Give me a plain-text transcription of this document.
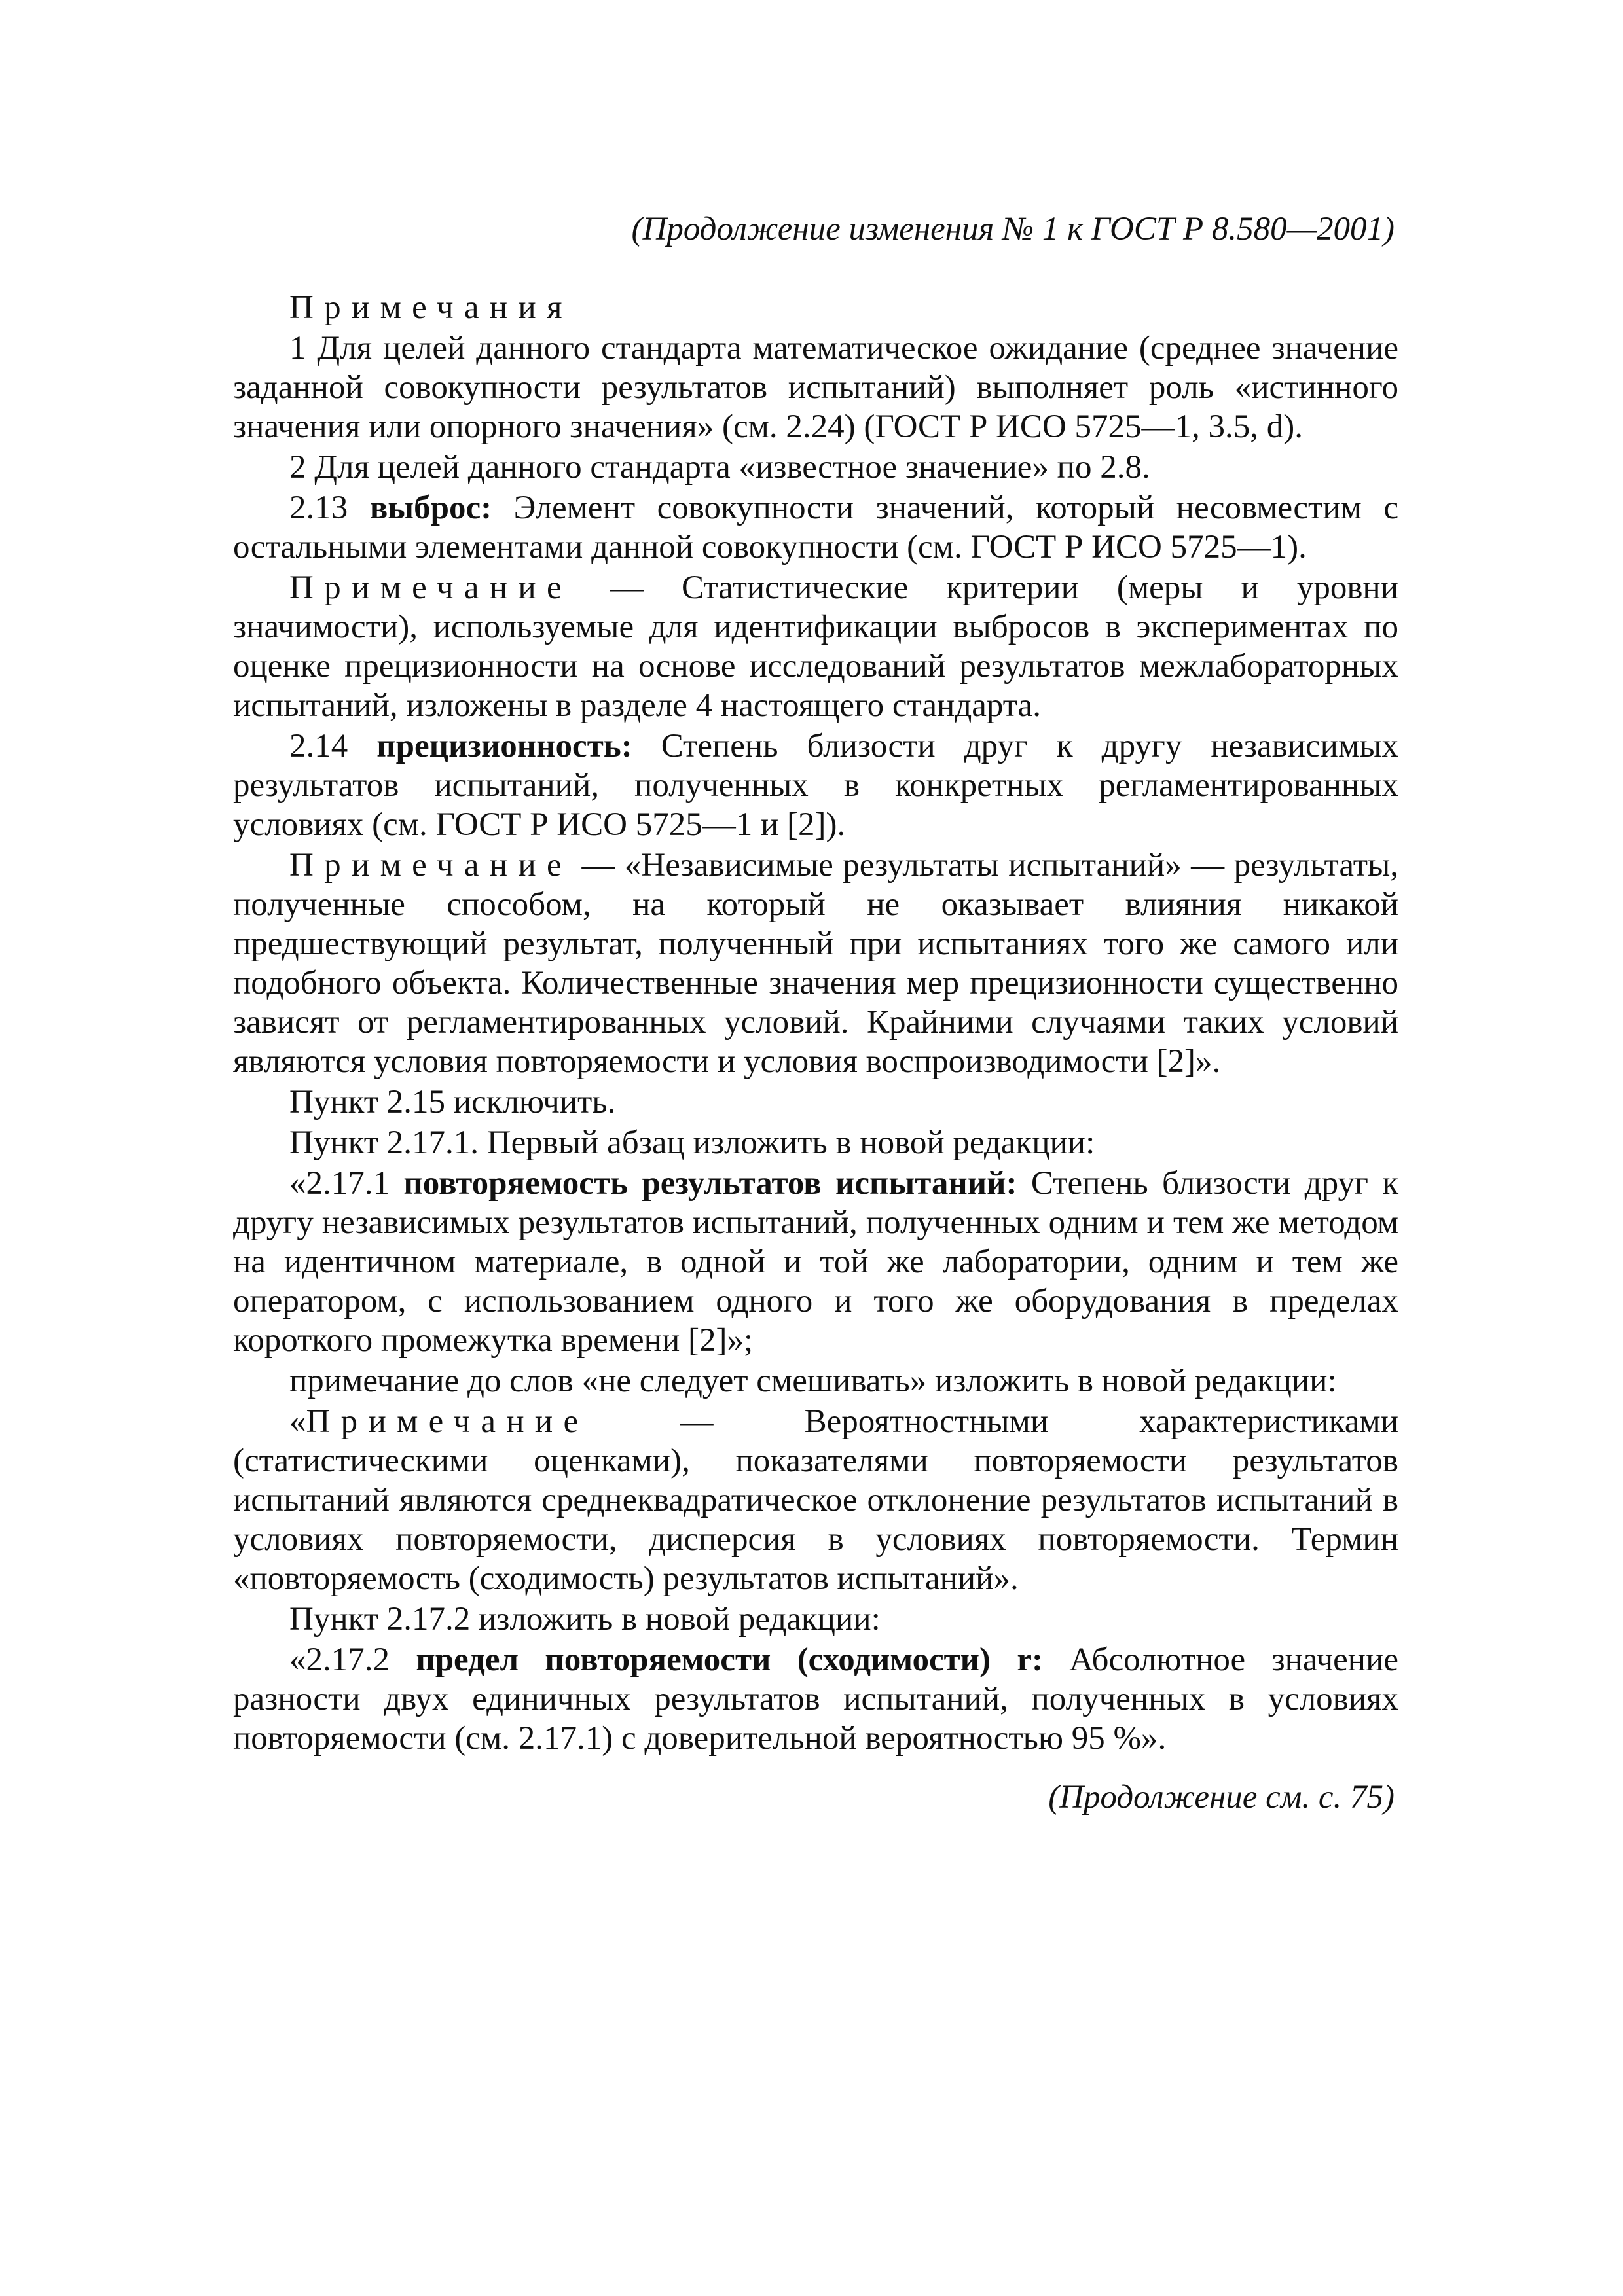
(Продолжение изменения № 1 к ГОСТ Р 8.580—2001)
Примечания
1 Для целей данного стандарта математическое ожидание (среднее значение заданной совокупности результатов испытаний) выполняет роль «истинного значения или опорного значения» (см. 2.24) (ГОСТ Р ИСО 5725—1, 3.5, d).
2 Для целей данного стандарта «известное значение» по 2.8.
2.13 выброс: Элемент совокупности значений, который несовместим с остальными элементами данной совокупности (см. ГОСТ Р ИСО 5725—1).
Примечание — Статистические критерии (меры и уровни значимости), используемые для идентификации выбросов в экспериментах по оценке прецизионности на основе исследований результатов межлабораторных испытаний, изложены в разделе 4 настоящего стандарта.
2.14 прецизионность: Степень близости друг к другу независимых результатов испытаний, полученных в конкретных регламентированных условиях (см. ГОСТ Р ИСО 5725—1 и [2]).
Примечание — «Независимые результаты испытаний» — результаты, полученные способом, на который не оказывает влияния никакой предшествующий результат, полученный при испытаниях того же самого или подобного объекта. Количественные значения мер прецизионности существенно зависят от регламентированных условий. Крайними случаями таких условий являются условия повторяемости и условия воспроизводимости [2]».
Пункт 2.15 исключить.
Пункт 2.17.1. Первый абзац изложить в новой редакции:
«2.17.1 повторяемость результатов испытаний: Степень близости друг к другу независимых результатов испытаний, полученных одним и тем же методом на идентичном материале, в одной и той же лаборатории, одним и тем же оператором, с использованием одного и того же оборудования в пределах короткого промежутка времени [2]»;
примечание до слов «не следует смешивать» изложить в новой редакции:
«Примечание	— Вероятностными характеристиками (статистическими оценками), показателями повторяемости результатов испытаний являются среднеквадратическое отклонение результатов испытаний в условиях повторяемости, дисперсия в условиях повторяемости. Термин «повторяемость (сходимость) результатов испытаний».
Пункт 2.17.2 изложить в новой редакции:
«2.17.2 предел повторяемости (сходимости) r: Абсолютное значение разности двух единичных результатов испытаний, полученных в условиях повторяемости (см. 2.17.1) с доверительной вероятностью 95 %».
(Продолжение см. с. 75)
